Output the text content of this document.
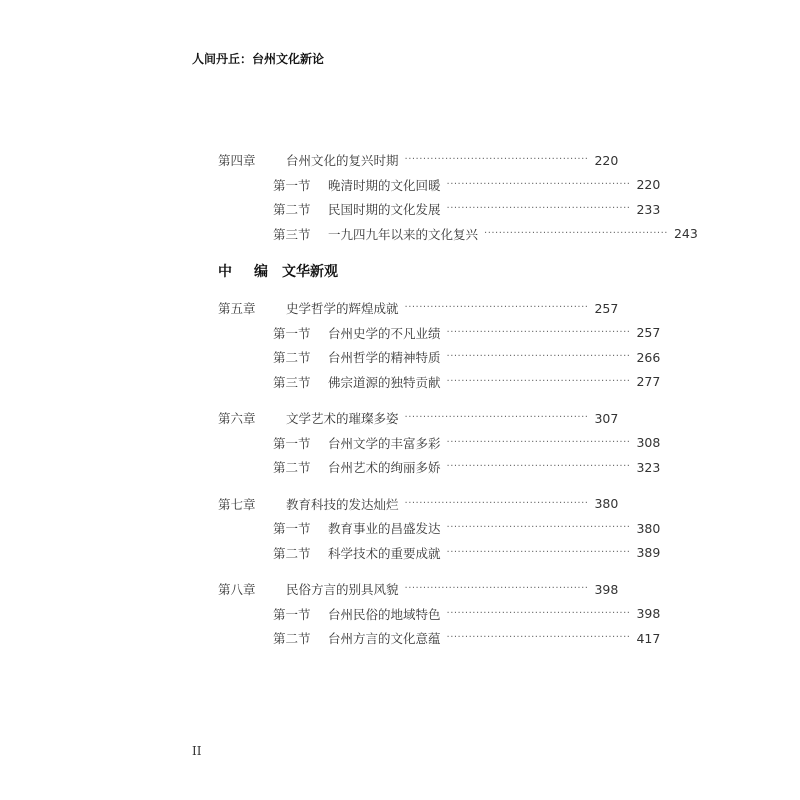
人间丹丘：台州文化新论
第四章	台州文化的复兴时期 ·················································· 220
第一节	晚清时期的文化回暖 ·················································· 220
第二节	民国时期的文化发展 ·················································· 233
第三节	一九四九年以来的文化复兴 ·················································· 243
中 编 文华新观
第五章	史学哲学的辉煌成就 ·················································· 257
第一节	台州史学的不凡业绩 ·················································· 257
第二节	台州哲学的精神特质 ·················································· 266
第三节	佛宗道源的独特贡献 ·················································· 277
第六章	文学艺术的璀璨多姿 ·················································· 307
第一节	台州文学的丰富多彩 ·················································· 308
第二节	台州艺术的绚丽多娇 ·················································· 323
第七章	教育科技的发达灿烂 ·················································· 380
第一节	教育事业的昌盛发达 ·················································· 380
第二节	科学技术的重要成就 ·················································· 389
第八章	民俗方言的别具风貌 ·················································· 398
第一节	台州民俗的地域特色 ·················································· 398
第二节	台州方言的文化意蕴 ·················································· 417
II
